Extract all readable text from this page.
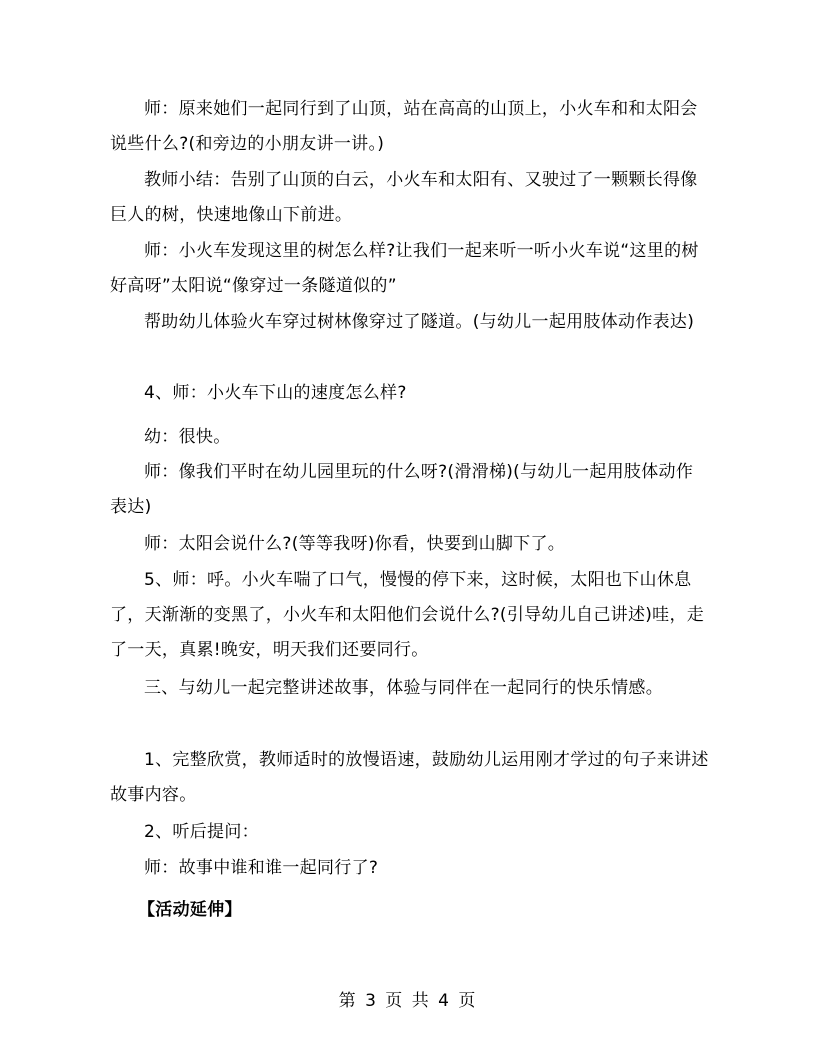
师：原来她们一起同行到了山顶，站在高高的山顶上，小火车和和太阳会说些什么?(和旁边的小朋友讲一讲。)

教师小结：告别了山顶的白云，小火车和太阳有、又驶过了一颗颗长得像巨人的树，快速地像山下前进。

师：小火车发现这里的树怎么样?让我们一起来听一听小火车说“这里的树好高呀”太阳说“像穿过一条隧道似的”

帮助幼儿体验火车穿过树林像穿过了隧道。(与幼儿一起用肢体动作表达)

4、师：小火车下山的速度怎么样?

幼：很快。

师：像我们平时在幼儿园里玩的什么呀?(滑滑梯)(与幼儿一起用肢体动作表达)

师：太阳会说什么?(等等我呀)你看，快要到山脚下了。

5、师：呼。小火车喘了口气，慢慢的停下来，这时候，太阳也下山休息了，天渐渐的变黑了，小火车和太阳他们会说什么?(引导幼儿自己讲述)哇，走了一天，真累!晚安，明天我们还要同行。

三、与幼儿一起完整讲述故事，体验与同伴在一起同行的快乐情感。

1、完整欣赏，教师适时的放慢语速，鼓励幼儿运用刚才学过的句子来讲述故事内容。

2、听后提问：

师：故事中谁和谁一起同行了?

【活动延伸】

第 3 页 共 4 页
